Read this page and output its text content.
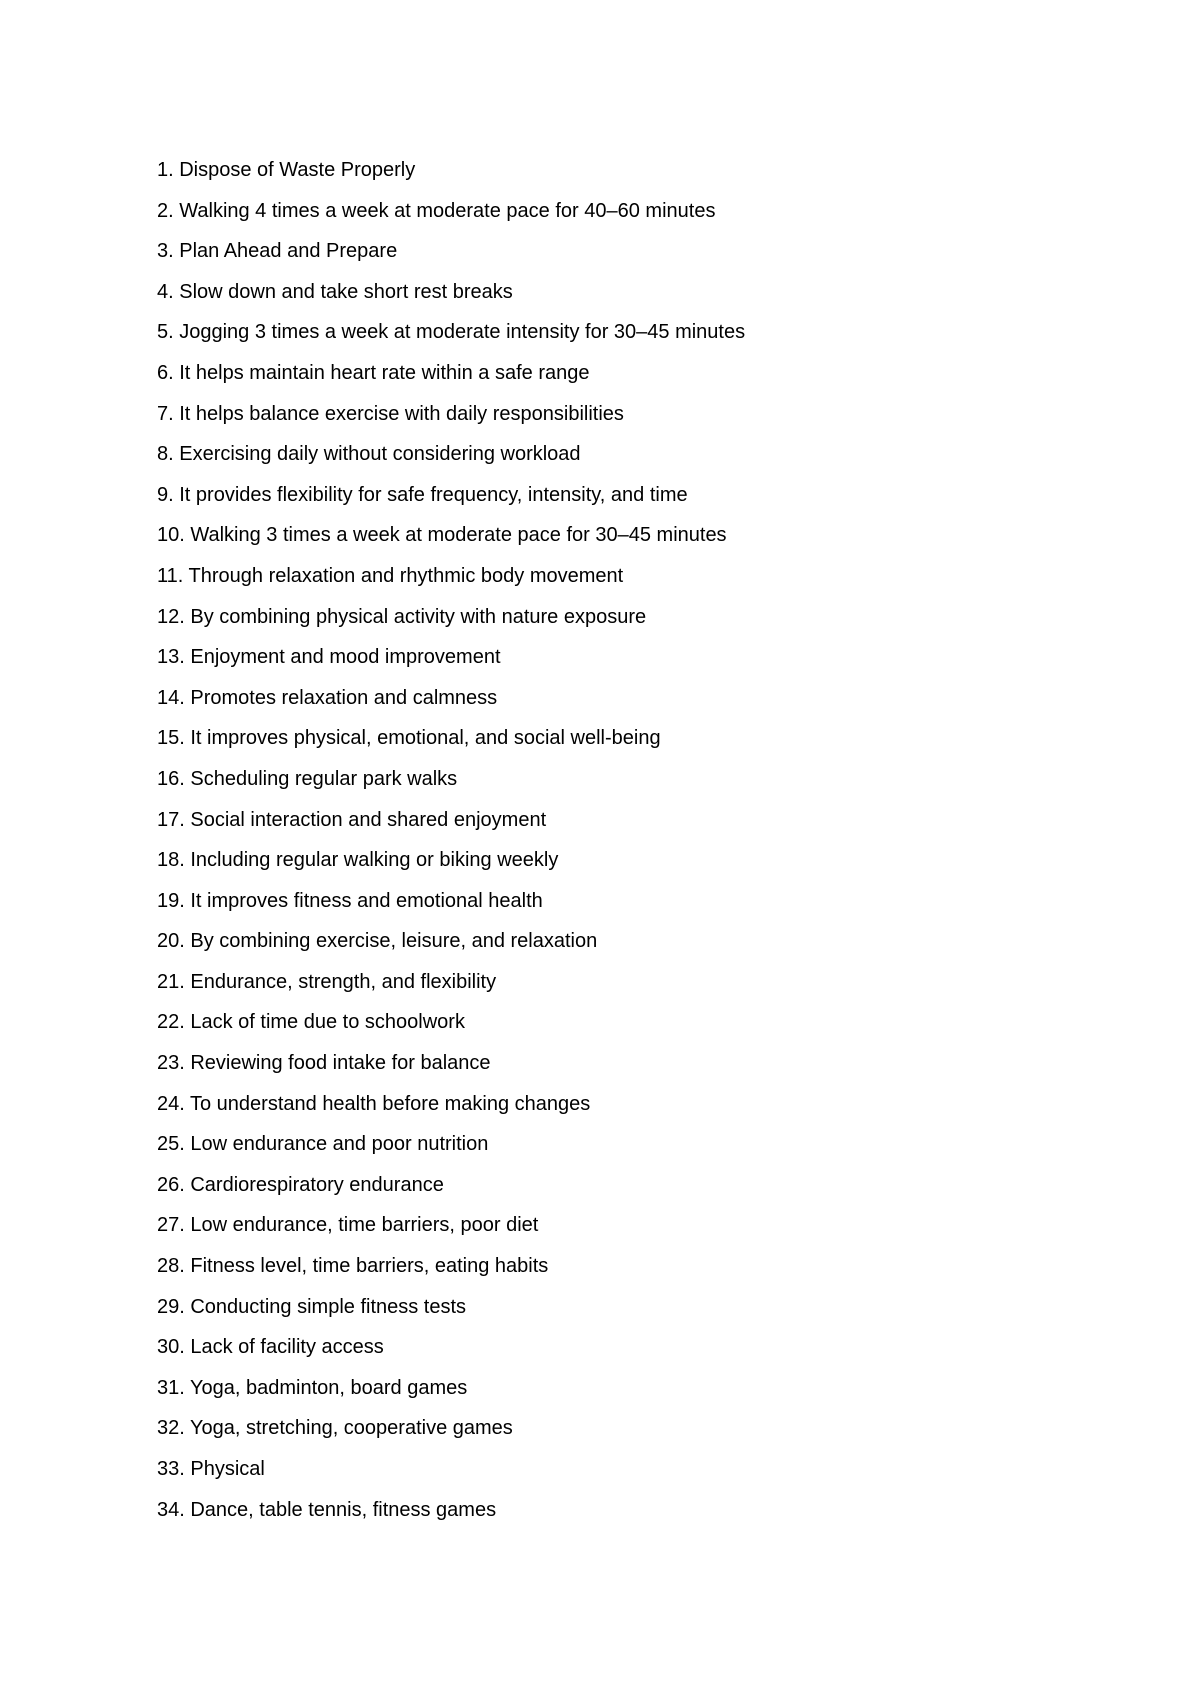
1. Dispose of Waste Properly
2. Walking 4 times a week at moderate pace for 40–60 minutes
3. Plan Ahead and Prepare
4. Slow down and take short rest breaks
5. Jogging 3 times a week at moderate intensity for 30–45 minutes
6. It helps maintain heart rate within a safe range
7. It helps balance exercise with daily responsibilities
8. Exercising daily without considering workload
9. It provides flexibility for safe frequency, intensity, and time
10. Walking 3 times a week at moderate pace for 30–45 minutes
11. Through relaxation and rhythmic body movement
12. By combining physical activity with nature exposure
13. Enjoyment and mood improvement
14. Promotes relaxation and calmness
15. It improves physical, emotional, and social well-being
16. Scheduling regular park walks
17. Social interaction and shared enjoyment
18. Including regular walking or biking weekly
19. It improves fitness and emotional health
20. By combining exercise, leisure, and relaxation
21. Endurance, strength, and flexibility
22. Lack of time due to schoolwork
23. Reviewing food intake for balance
24. To understand health before making changes
25. Low endurance and poor nutrition
26. Cardiorespiratory endurance
27. Low endurance, time barriers, poor diet
28. Fitness level, time barriers, eating habits
29. Conducting simple fitness tests
30. Lack of facility access
31. Yoga, badminton, board games
32. Yoga, stretching, cooperative games
33. Physical
34. Dance, table tennis, fitness games
